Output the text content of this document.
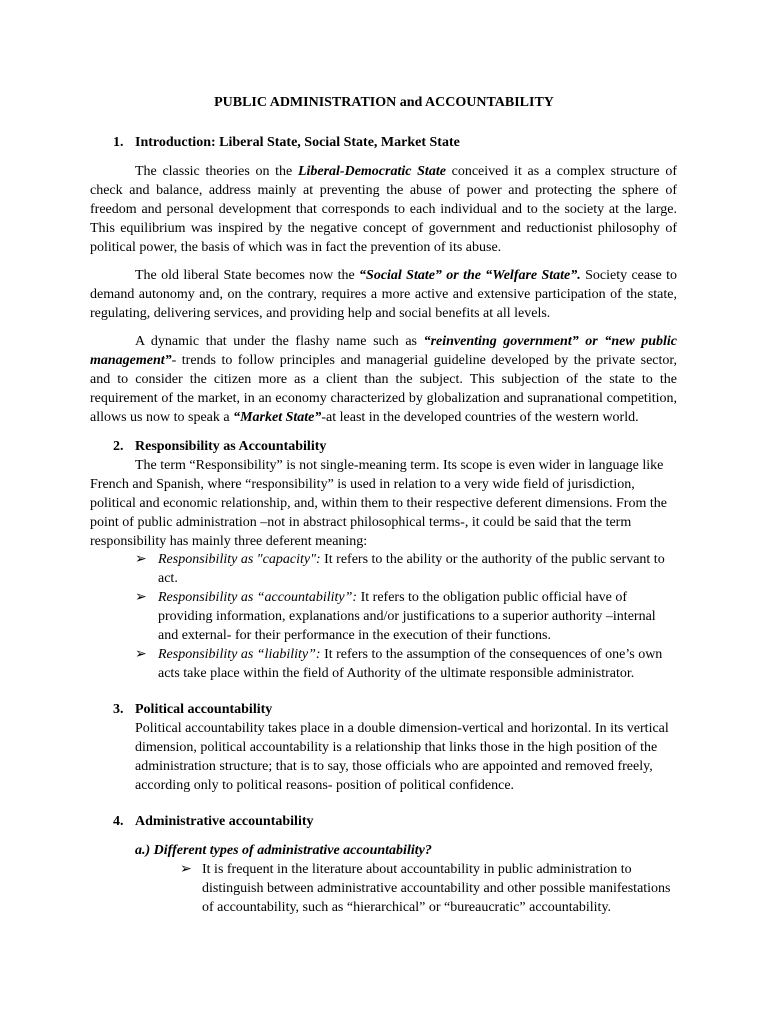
PUBLIC ADMINISTRATION and ACCOUNTABILITY
1. Introduction: Liberal State, Social State, Market State
The classic theories on the Liberal-Democratic State conceived it as a complex structure of check and balance, address mainly at preventing the abuse of power and protecting the sphere of freedom and personal development that corresponds to each individual and to the society at the large. This equilibrium was inspired by the negative concept of government and reductionist philosophy of political power, the basis of which was in fact the prevention of its abuse.
The old liberal State becomes now the “Social State” or the “Welfare State”. Society cease to demand autonomy and, on the contrary, requires a more active and extensive participation of the state, regulating, delivering services, and providing help and social benefits at all levels.
A dynamic that under the flashy name such as “reinventing government” or “new public management”- trends to follow principles and managerial guideline developed by the private sector, and to consider the citizen more as a client than the subject. This subjection of the state to the requirement of the market, in an economy characterized by globalization and supranational competition, allows us now to speak a “Market State”-at least in the developed countries of the western world.
2. Responsibility as Accountability
The term “Responsibility” is not single-meaning term. Its scope is even wider in language like French and Spanish, where “responsibility” is used in relation to a very wide field of jurisdiction, political and economic relationship, and, within them to their respective deferent dimensions. From the point of public administration –not in abstract philosophical terms-, it could be said that the term responsibility has mainly three deferent meaning:
➢ Responsibility as "capacity": It refers to the ability or the authority of the public servant to act.
➢ Responsibility as “accountability”: It refers to the obligation public official have of providing information, explanations and/or justifications to a superior authority –internal and external- for their performance in the execution of their functions.
➢ Responsibility as “liability”: It refers to the assumption of the consequences of one’s own acts take place within the field of Authority of the ultimate responsible administrator.
3. Political accountability
Political accountability takes place in a double dimension-vertical and horizontal. In its vertical dimension, political accountability is a relationship that links those in the high position of the administration structure; that is to say, those officials who are appointed and removed freely, according only to political reasons- position of political confidence.
4. Administrative accountability
a.) Different types of administrative accountability?
➢ It is frequent in the literature about accountability in public administration to distinguish between administrative accountability and other possible manifestations of accountability, such as “hierarchical” or “bureaucratic” accountability.
